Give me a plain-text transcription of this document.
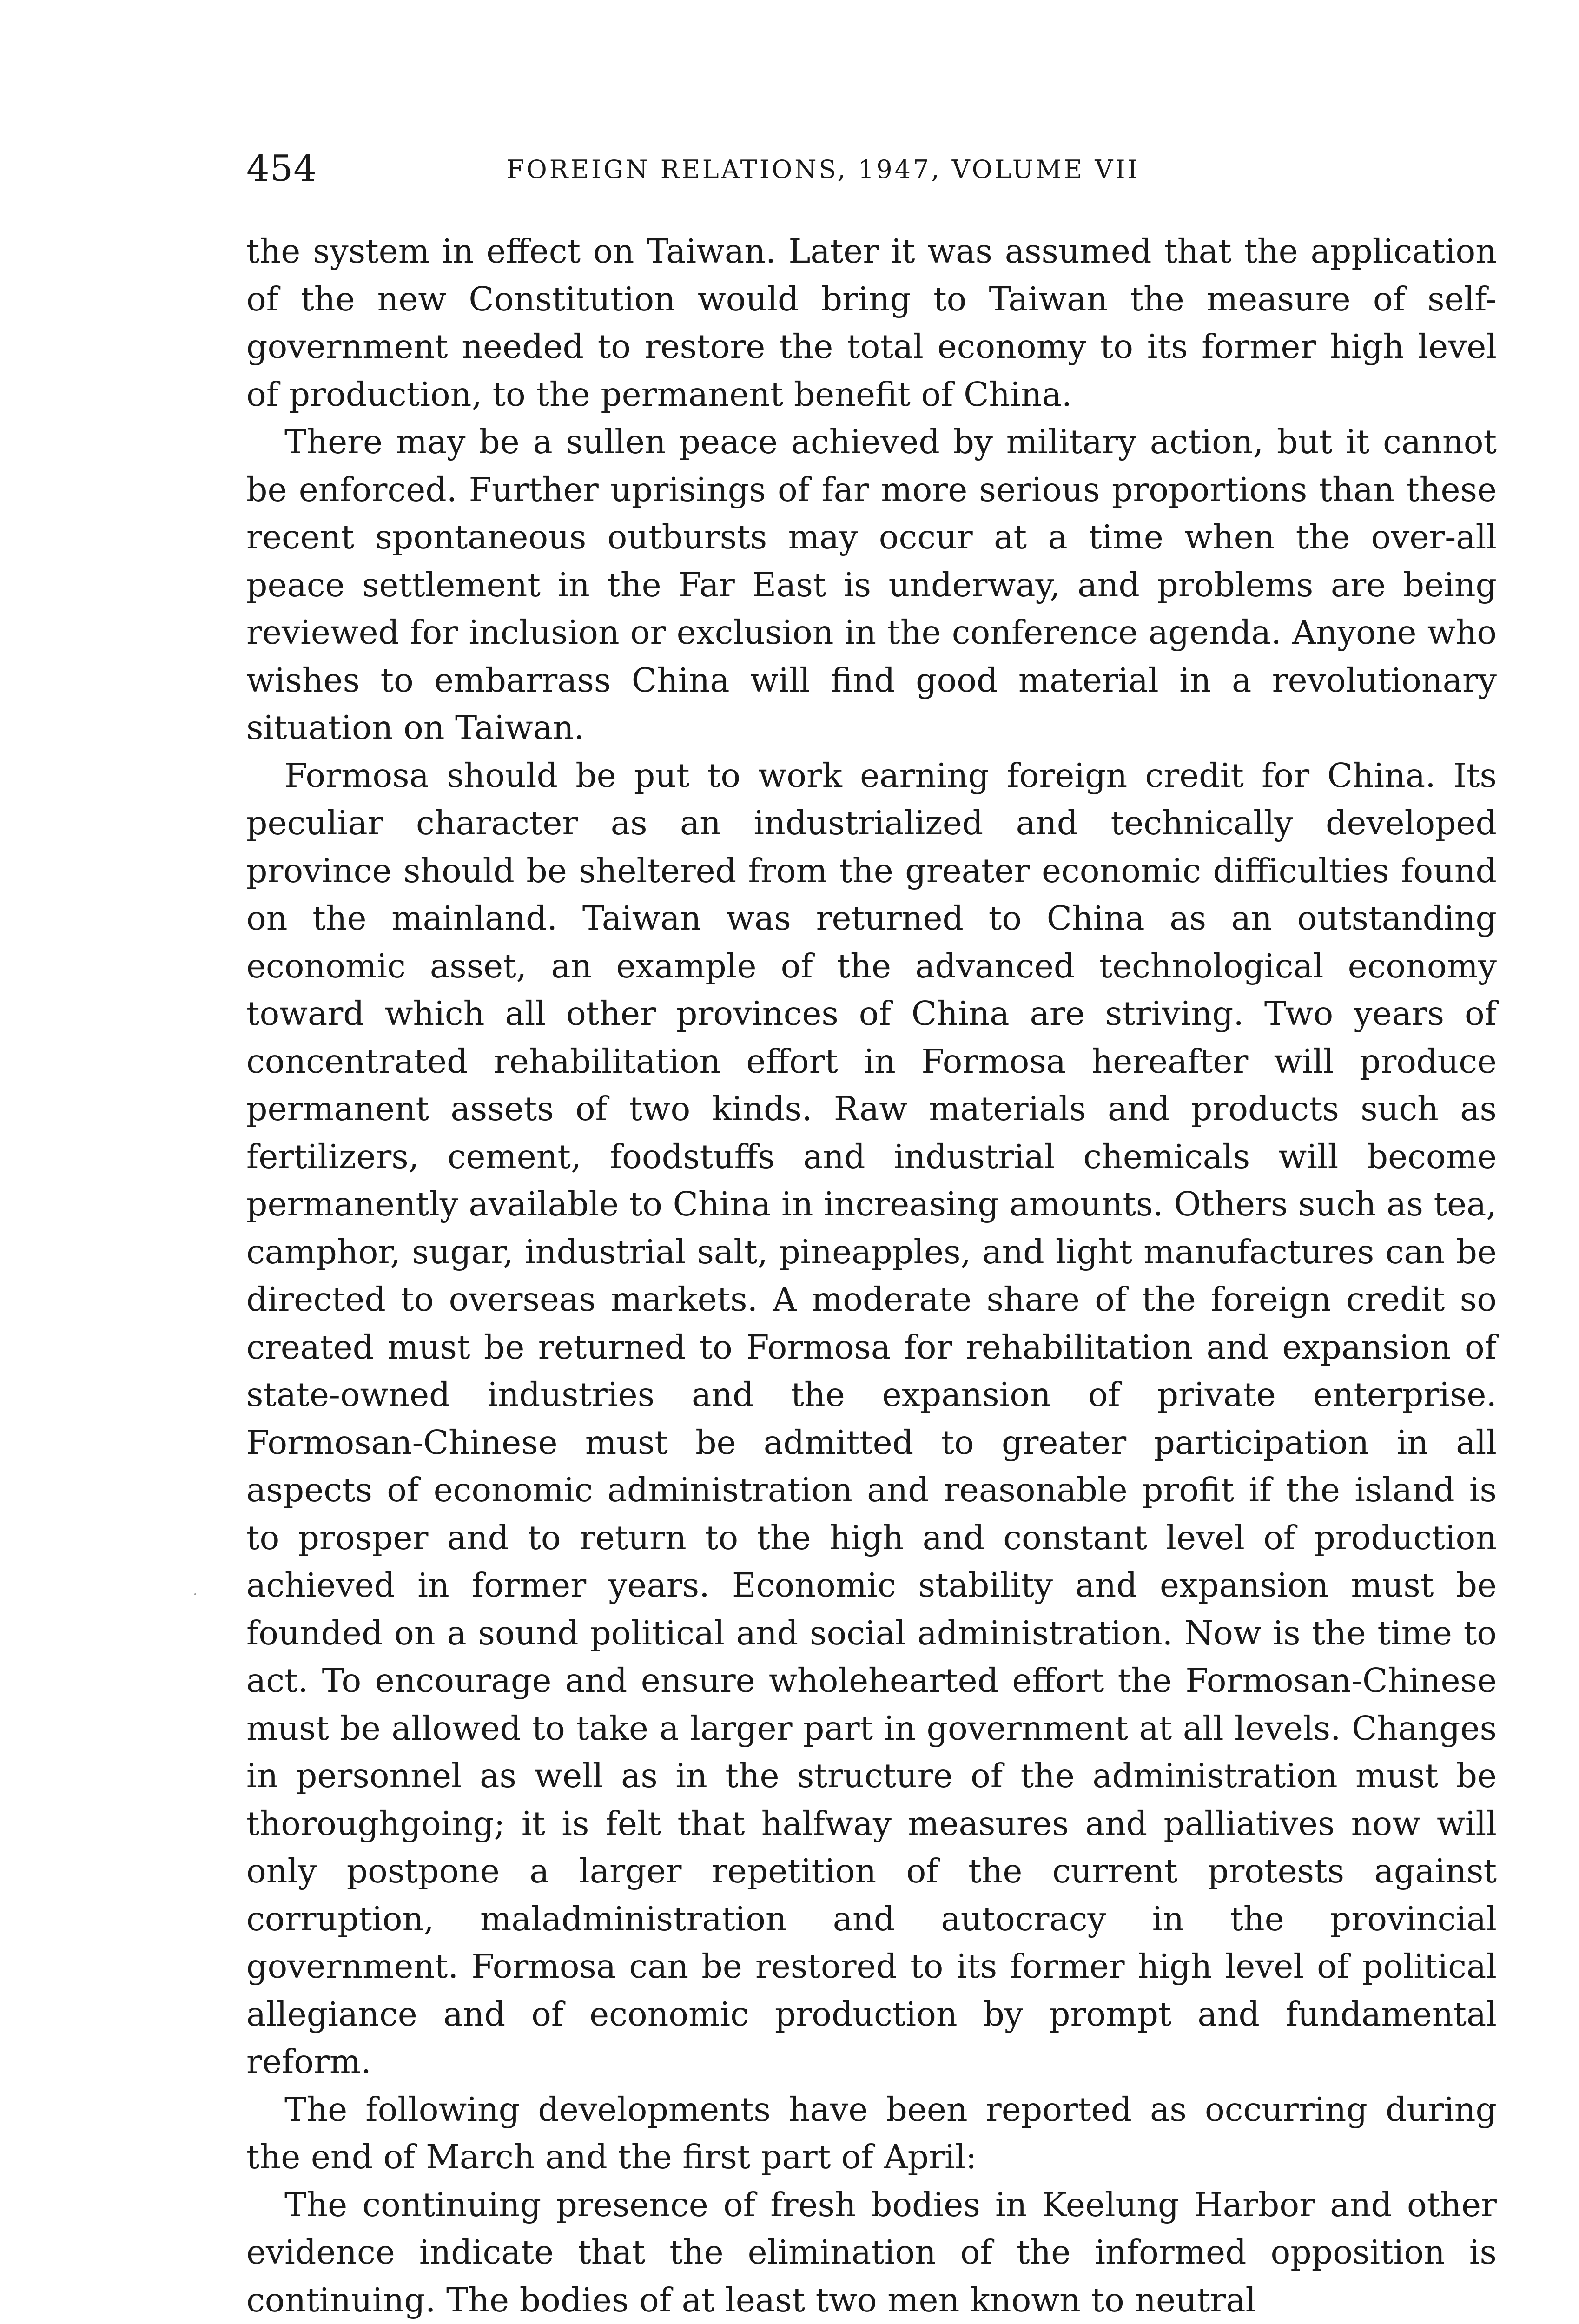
454	FOREIGN RELATIONS, 1947, VOLUME VII

the system in effect on Taiwan. Later it was assumed that the application of the new Constitution would bring to Taiwan the measure of self-government needed to restore the total economy to its former high level of production, to the permanent benefit of China.

There may be a sullen peace achieved by military action, but it cannot be enforced. Further uprisings of far more serious proportions than these recent spontaneous outbursts may occur at a time when the over-all peace settlement in the Far East is underway, and problems are being reviewed for inclusion or exclusion in the conference agenda. Anyone who wishes to embarrass China will find good material in a revolutionary situation on Taiwan.

Formosa should be put to work earning foreign credit for China. Its peculiar character as an industrialized and technically developed province should be sheltered from the greater economic difficulties found on the mainland. Taiwan was returned to China as an outstanding economic asset, an example of the advanced technological economy toward which all other provinces of China are striving. Two years of concentrated rehabilitation effort in Formosa hereafter will produce permanent assets of two kinds. Raw materials and products such as fertilizers, cement, foodstuffs and industrial chemicals will become permanently available to China in increasing amounts. Others such as tea, camphor, sugar, industrial salt, pineapples, and light manufactures can be directed to overseas markets. A moderate share of the foreign credit so created must be returned to Formosa for rehabilitation and expansion of state-owned industries and the expansion of private enterprise. Formosan-Chinese must be admitted to greater participation in all aspects of economic administration and reasonable profit if the island is to prosper and to return to the high and constant level of production achieved in former years. Economic stability and expansion must be founded on a sound political and social administration. Now is the time to act. To encourage and ensure wholehearted effort the Formosan-Chinese must be allowed to take a larger part in government at all levels. Changes in personnel as well as in the structure of the administration must be thoroughgoing; it is felt that halfway measures and palliatives now will only postpone a larger repetition of the current protests against corruption, maladministration and autocracy in the provincial government. Formosa can be restored to its former high level of political allegiance and of economic production by prompt and fundamental reform.

The following developments have been reported as occurring during the end of March and the first part of April:

The continuing presence of fresh bodies in Keelung Harbor and other evidence indicate that the elimination of the informed opposition is continuing. The bodies of at least two men known to neutral
